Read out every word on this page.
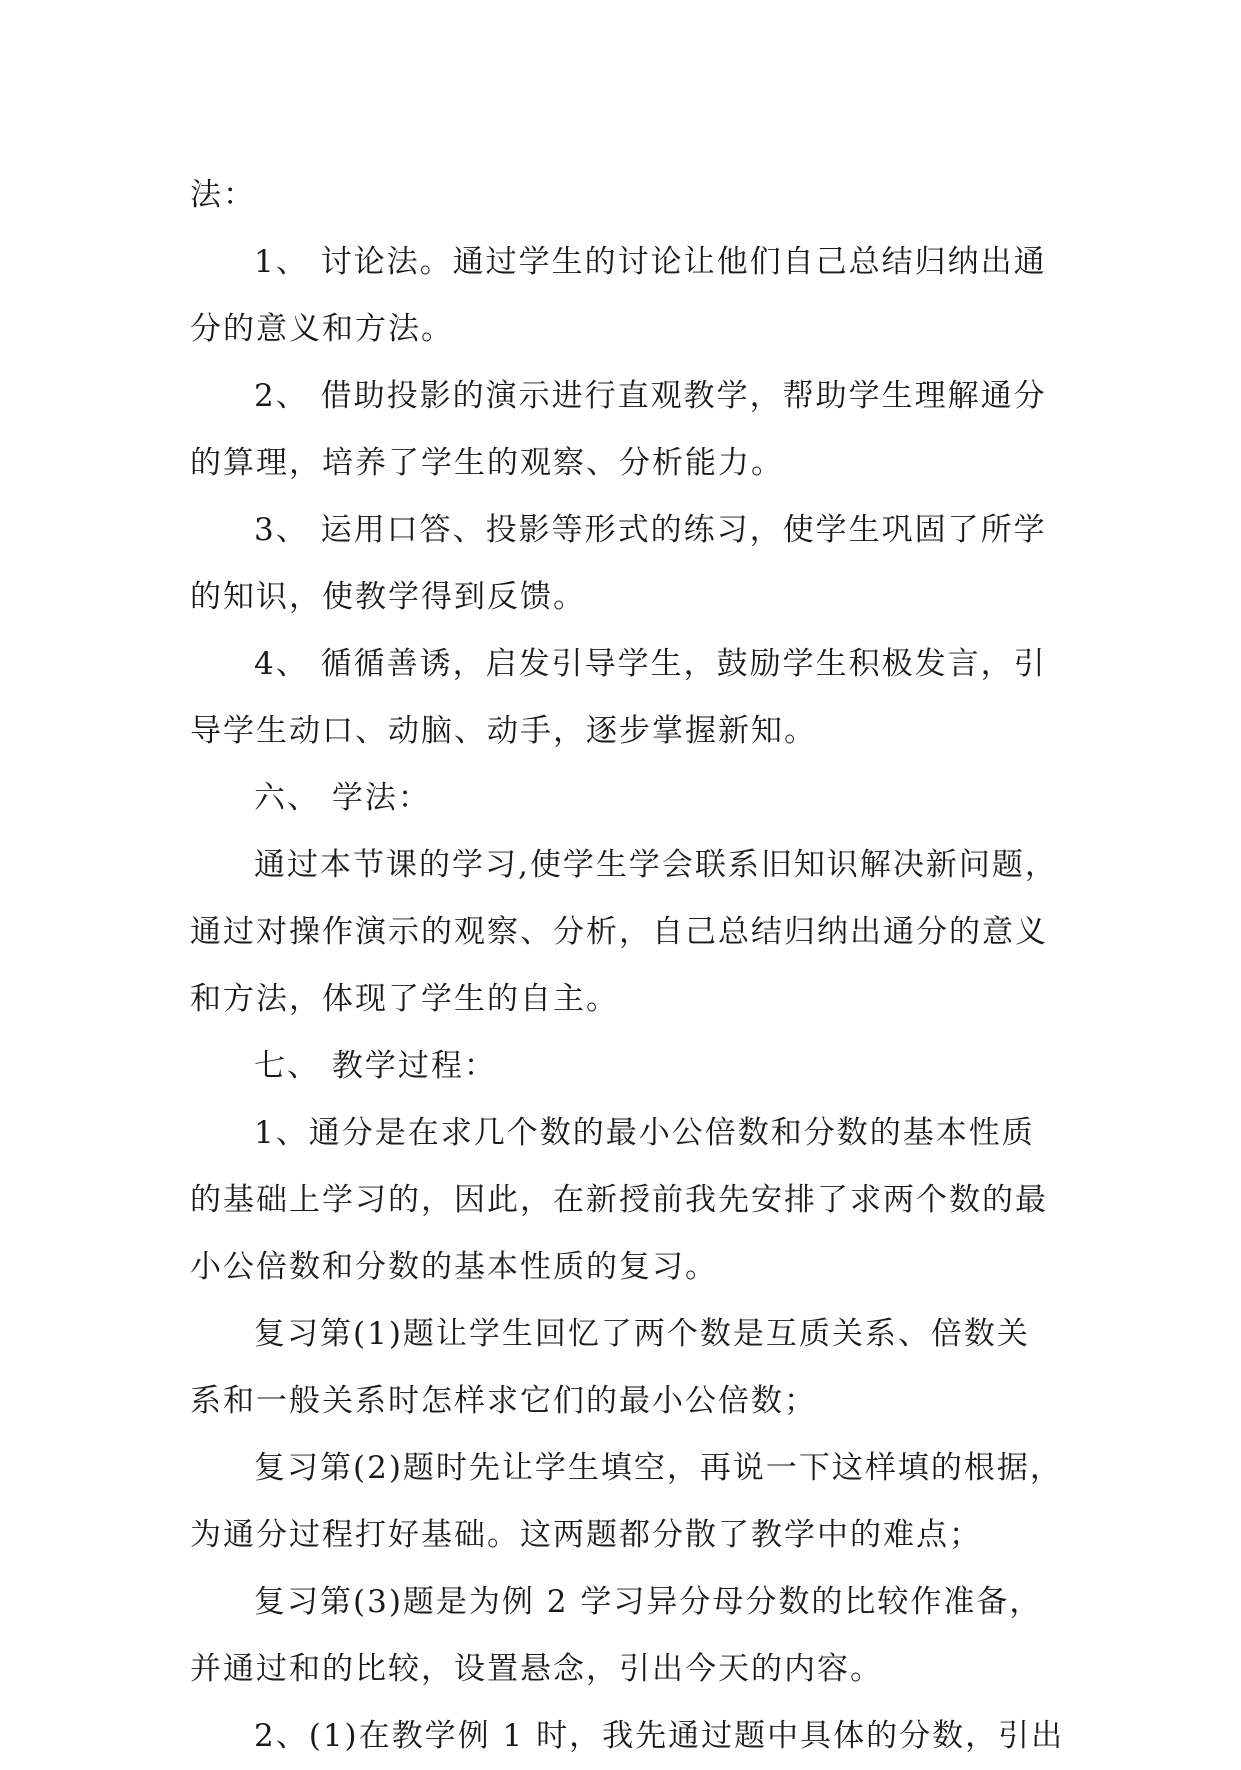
法：
1、 讨论法。通过学生的讨论让他们自己总结归纳出通
分的意义和方法。
2、 借助投影的演示进行直观教学，帮助学生理解通分
的算理，培养了学生的观察、分析能力。
3、 运用口答、投影等形式的练习，使学生巩固了所学
的知识，使教学得到反馈。
4、 循循善诱，启发引导学生，鼓励学生积极发言，引
导学生动口、动脑、动手，逐步掌握新知。
六、 学法：
通过本节课的学习,使学生学会联系旧知识解决新问题，
通过对操作演示的观察、分析，自己总结归纳出通分的意义
和方法，体现了学生的自主。
七、 教学过程：
1、通分是在求几个数的最小公倍数和分数的基本性质
的基础上学习的，因此，在新授前我先安排了求两个数的最
小公倍数和分数的基本性质的复习。
复习第(1)题让学生回忆了两个数是互质关系、倍数关
系和一般关系时怎样求它们的最小公倍数；
复习第(2)题时先让学生填空，再说一下这样填的根据，
为通分过程打好基础。这两题都分散了教学中的难点；
复习第(3)题是为例 2 学习异分母分数的比较作准备，
并通过和的比较，设置悬念，引出今天的内容。
2、(1)在教学例 1 时，我先通过题中具体的分数，引出
